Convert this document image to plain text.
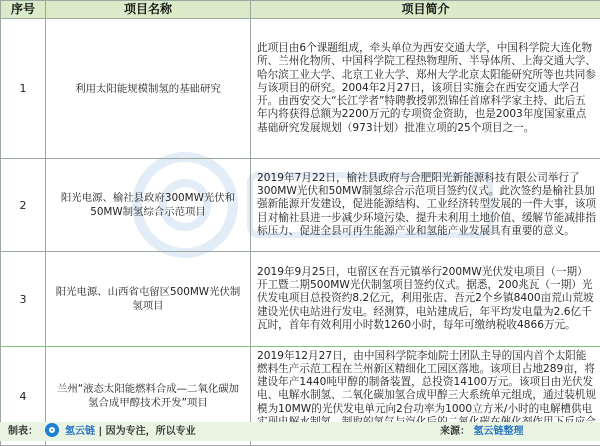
序号	项目名称	项目简介
1	利用太阳能规模制氢的基础研究	此项目由6个课题组成，牵头单位为西安交通大学，中国科学院大连化物所、兰州化物所、中国科学院工程热物理所、半导体所、上海交通大学、哈尔滨工业大学、北京工业大学、郑州大学北京太阳能研究所等也共同参与该项目的研究。2004年2月27日，该项目实施会在西安交通大学召开。由西安交大“长江学者”特聘教授郭烈锦任首席科学家主持、此后五年内将获得总额为2200万元的专项资金资助，也是2003年度国家重点基础研究发展规划（973计划）批准立项的25个项目之一。
2	阳光电源、榆社县政府300MW光伏和50MW制氢综合示范项目	2019年7月22日，榆社县政府与合肥阳光新能源科技有限公司举行了300MW光伏和50MW制氢综合示范项目签约仪式。此次签约是榆社县加强新能源开发建设，促进能源结构、工业经济转型发展的一件大事，该项目对榆社县进一步减少环境污染、提升未利用土地价值、缓解节能减排指标压力、促进全县可再生能源产业和氢能产业发展具有重要的意义。
3	阳光电源、山西省屯留区500MW光伏制氢项目	2019年9月25日，屯留区在吾元镇举行200MW光伏发电项目（一期）开工暨二期500MW光伏制氢项目签约仪式。据悉，200兆瓦（一期）光伏发电项目总投资约8.2亿元，利用张店、吾元2个乡镇8400亩荒山荒坡建设光伏电站进行发电。经测算，电站建成后，年平均发电量为2.6亿千瓦时，首年有效利用小时数1260小时，每年可缴纳税收4866万元。
4	兰州“液态太阳能燃料合成—二氧化碳加氢合成甲醇技术开发”项目	2019年12月27日，由中国科学院李灿院士团队主导的国内首个太阳能燃料生产示范工程在兰州新区精细化工园区落地。该项目占地289亩，将建设年产1440吨甲醇的制备装置，总投资14100万元。该项目由光伏发电、电解水制氢、二氧化碳加氢合成甲醇三大系统单元组成，通过装机规模为10MW的光伏发电单元向2台功率为1000立方米/小时的电解槽供电
制表：	氢云链 | 因为专注，所以专业	来源： 氢云链整理
